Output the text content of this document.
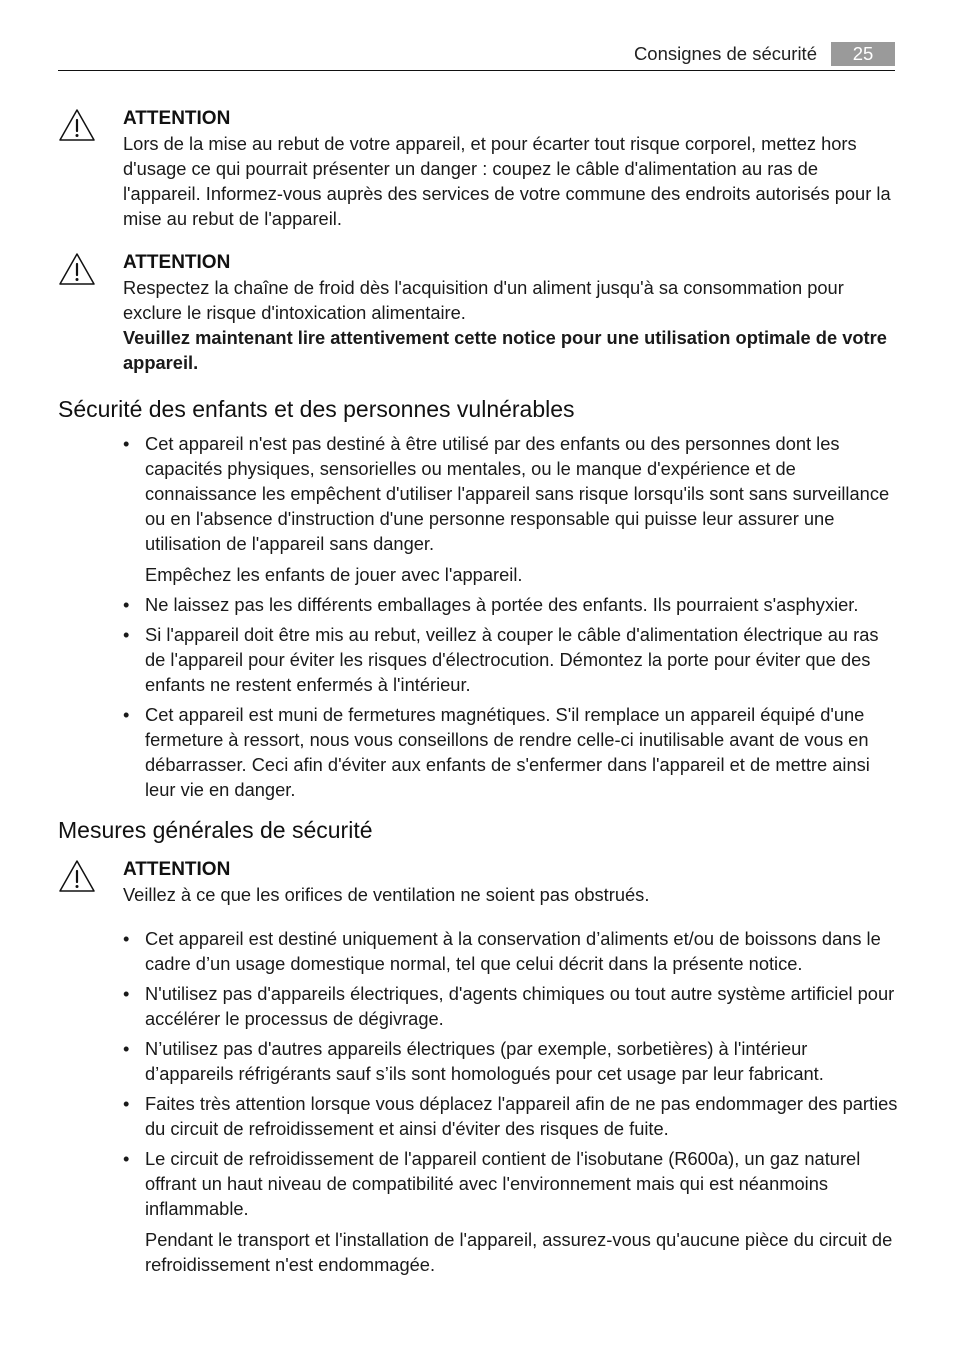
Consignes de sécurité	25
ATTENTION
Lors de la mise au rebut de votre appareil, et pour écarter tout risque corporel, mettez hors d'usage ce qui pourrait présenter un danger : coupez le câble d'alimentation au ras de l'appareil. Informez-vous auprès des services de votre commune des endroits autorisés pour la mise au rebut de l'appareil.
ATTENTION
Respectez la chaîne de froid dès l'acquisition d'un aliment jusqu'à sa consommation pour exclure le risque d'intoxication alimentaire.
Veuillez maintenant lire attentivement cette notice pour une utilisation optimale de votre appareil.
Sécurité des enfants et des personnes vulnérables
• Cet appareil n'est pas destiné à être utilisé par des enfants ou des personnes dont les capacités physiques, sensorielles ou mentales, ou le manque d'expérience et de connaissance les empêchent d'utiliser l'appareil sans risque lorsqu'ils sont sans surveillance ou en l'absence d'instruction d'une personne responsable qui puisse leur assurer une utilisation de l'appareil sans danger.
Empêchez les enfants de jouer avec l'appareil.
• Ne laissez pas les différents emballages à portée des enfants. Ils pourraient s'asphyxier.
• Si l'appareil doit être mis au rebut, veillez à couper le câble d'alimentation électrique au ras de l'appareil pour éviter les risques d'électrocution. Démontez la porte pour éviter que des enfants ne restent enfermés à l'intérieur.
• Cet appareil est muni de fermetures magnétiques. S'il remplace un appareil équipé d'une fermeture à ressort, nous vous conseillons de rendre celle-ci inutilisable avant de vous en débarrasser. Ceci afin d'éviter aux enfants de s'enfermer dans l'appareil et de mettre ainsi leur vie en danger.
Mesures générales de sécurité
ATTENTION
Veillez à ce que les orifices de ventilation ne soient pas obstrués.
• Cet appareil est destiné uniquement à la conservation d’aliments et/ou de boissons dans le cadre d’un usage domestique normal, tel que celui décrit dans la présente notice.
• N'utilisez pas d'appareils électriques, d'agents chimiques ou tout autre système artificiel pour accélérer le processus de dégivrage.
• N’utilisez pas d'autres appareils électriques (par exemple, sorbetières) à l'intérieur d’appareils réfrigérants sauf s’ils sont homologués pour cet usage par leur fabricant.
• Faites très attention lorsque vous déplacez l'appareil afin de ne pas endommager des parties du circuit de refroidissement et ainsi d'éviter des risques de fuite.
• Le circuit de refroidissement de l'appareil contient de l'isobutane (R600a), un gaz naturel offrant un haut niveau de compatibilité avec l'environnement mais qui est néanmoins inflammable.
Pendant le transport et l'installation de l'appareil, assurez-vous qu'aucune pièce du circuit de refroidissement n'est endommagée.
